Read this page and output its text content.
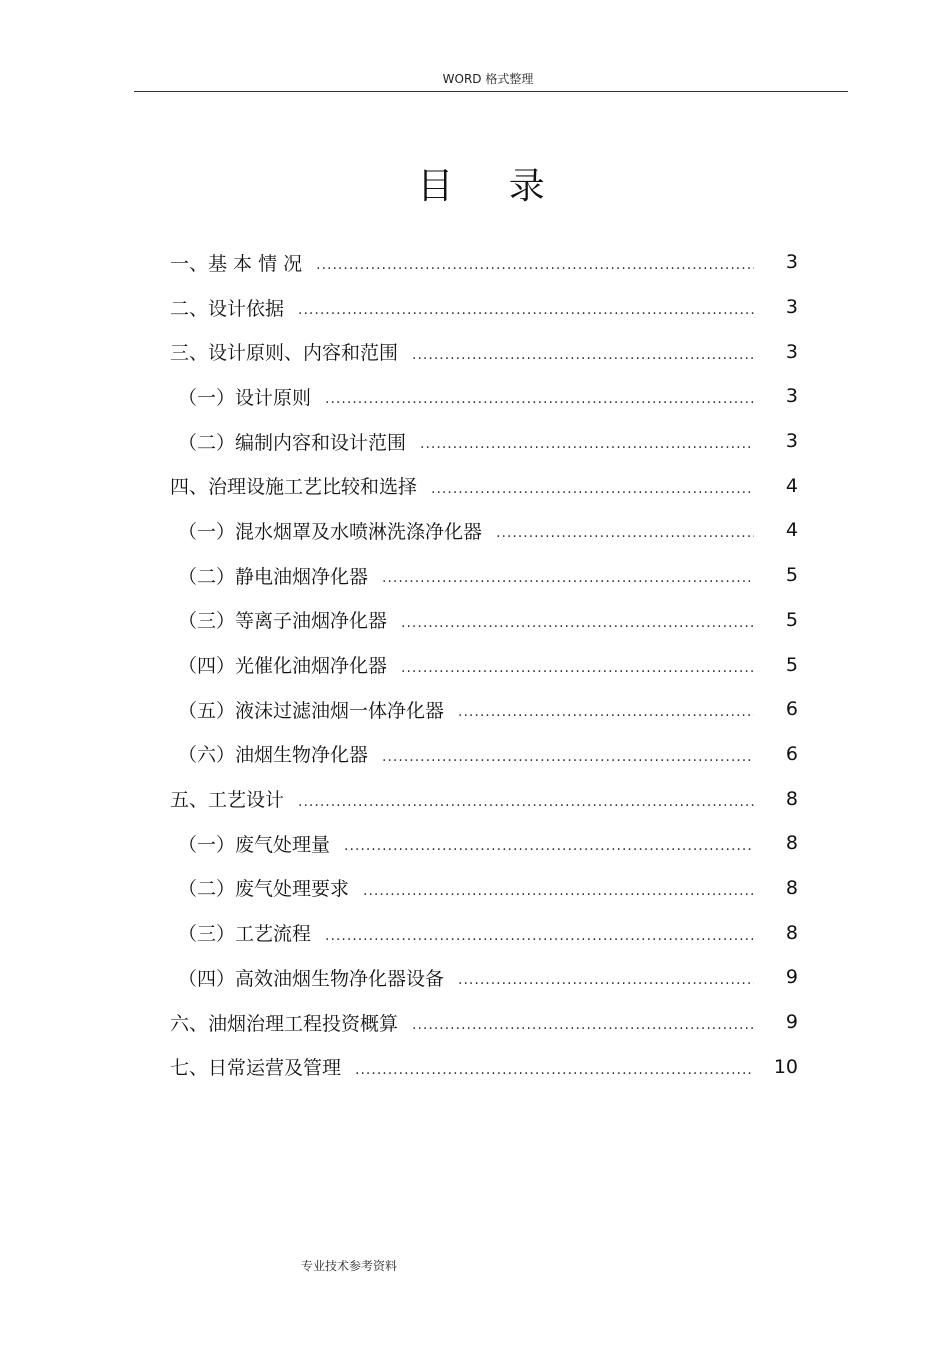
WORD 格式整理
目 录
一、基 本 情 况 .....	3
二、设计依据 .....	3
三、设计原则、内容和范围 .....	3
（一）设计原则 .....	3
（二）编制内容和设计范围 .....	3
四、治理设施工艺比较和选择 .....	4
（一）混水烟罩及水喷淋洗涤净化器 .....	4
（二）静电油烟净化器 .....	5
（三）等离子油烟净化器 .....	5
（四）光催化油烟净化器 .....	5
（五）液沫过滤油烟一体净化器 .....	6
（六）油烟生物净化器 .....	6
五、工艺设计 .....	8
（一）废气处理量 .....	8
（二）废气处理要求 .....	8
（三）工艺流程 .....	8
（四）高效油烟生物净化器设备 .....	9
六、油烟治理工程投资概算 .....	9
七、日常运营及管理 .....	10
专业技术参考资料
